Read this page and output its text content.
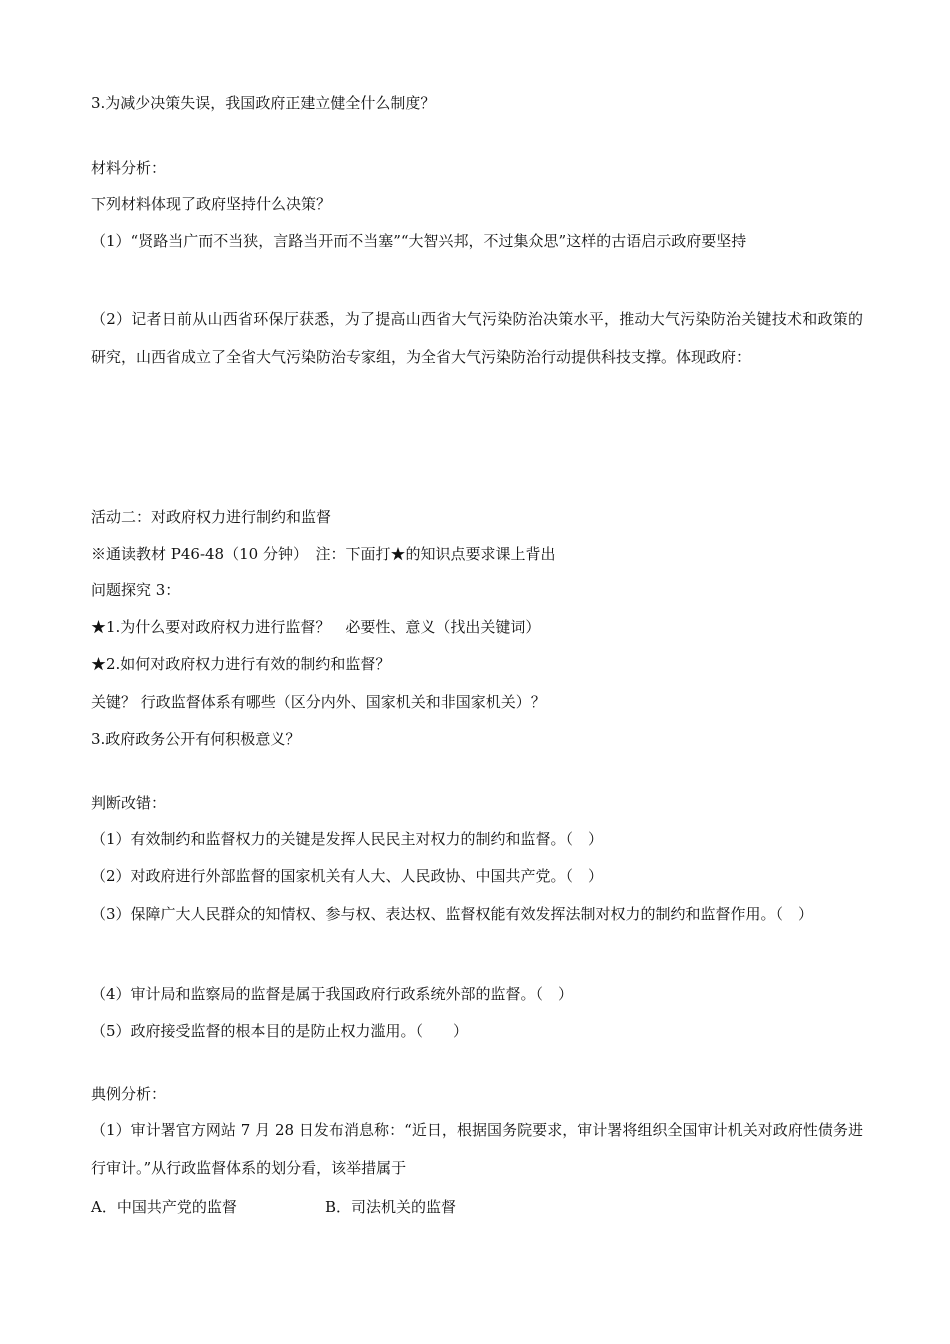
3.为减少决策失误，我国政府正建立健全什么制度？
材料分析：
下列材料体现了政府坚持什么决策？
（1）“贤路当广而不当狭，言路当开而不当塞”“大智兴邦，不过集众思”这样的古语启示政府要坚持
（2）记者日前从山西省环保厅获悉，为了提高山西省大气污染防治决策水平，推动大气污染防治关键技术和政策的研究，山西省成立了全省大气污染防治专家组，为全省大气污染防治行动提供科技支撑。体现政府：
活动二：对政府权力进行制约和监督
※通读教材 P46-48（10 分钟）　注：下面打★的知识点要求课上背出
问题探究 3：
★1.为什么要对政府权力进行监督？　必要性、意义（找出关键词）
★2.如何对政府权力进行有效的制约和监督？
关键？ 行政监督体系有哪些（区分内外、国家机关和非国家机关）？
3.政府政务公开有何积极意义？
判断改错：
（1）有效制约和监督权力的关键是发挥人民民主对权力的制约和监督。（　）
（2）对政府进行外部监督的国家机关有人大、人民政协、中国共产党。（　）
（3）保障广大人民群众的知情权、参与权、表达权、监督权能有效发挥法制对权力的制约和监督作用。（　）
（4）审计局和监察局的监督是属于我国政府行政系统外部的监督。（　）
（5）政府接受监督的根本目的是防止权力滥用。（　　）
典例分析：
（1）审计署官方网站 7 月 28 日发布消息称：“近日，根据国务院要求，审计署将组织全国审计机关对政府性债务进行审计。”从行政监督体系的划分看，该举措属于
A．中国共产党的监督	B．司法机关的监督
